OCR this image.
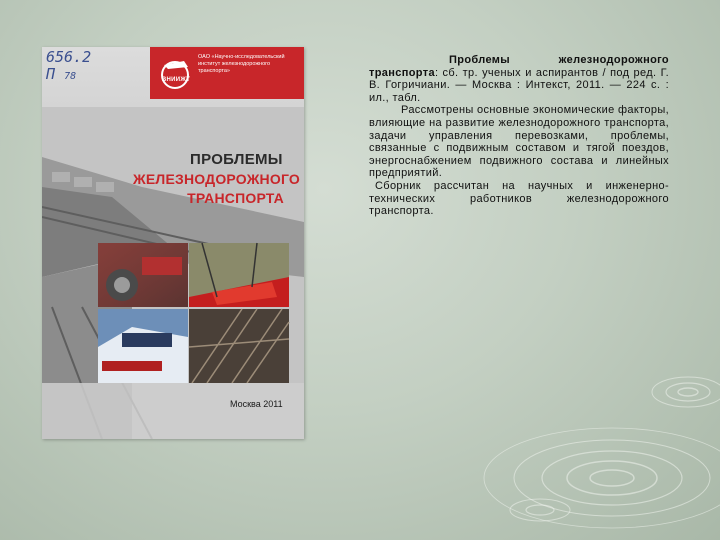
656.2
П 78	ВНИИЖТ
ОАО «Научно-исследовательский институт железнодорожного транспорта»
ПРОБЛЕМЫ
ЖЕЛЕЗНОДОРОЖНОГО
ТРАНСПОРТА
Москва 2011

Проблемы железнодорожного транспорта: сб. тр. ученых и аспирантов / под ред. Г. В. Гогричиани. — Москва : Интекст, 2011. — 224 с. : ил., табл.

Рассмотрены основные экономические факторы, влияющие на развитие железнодорожного транспорта, задачи управления перевозками, проблемы, связанные с подвижным составом и тягой поездов, энергоснабжением подвижного состава и линейных предприятий.

Сборник рассчитан на научных и инженерно-технических работников железнодорожного транспорта.
